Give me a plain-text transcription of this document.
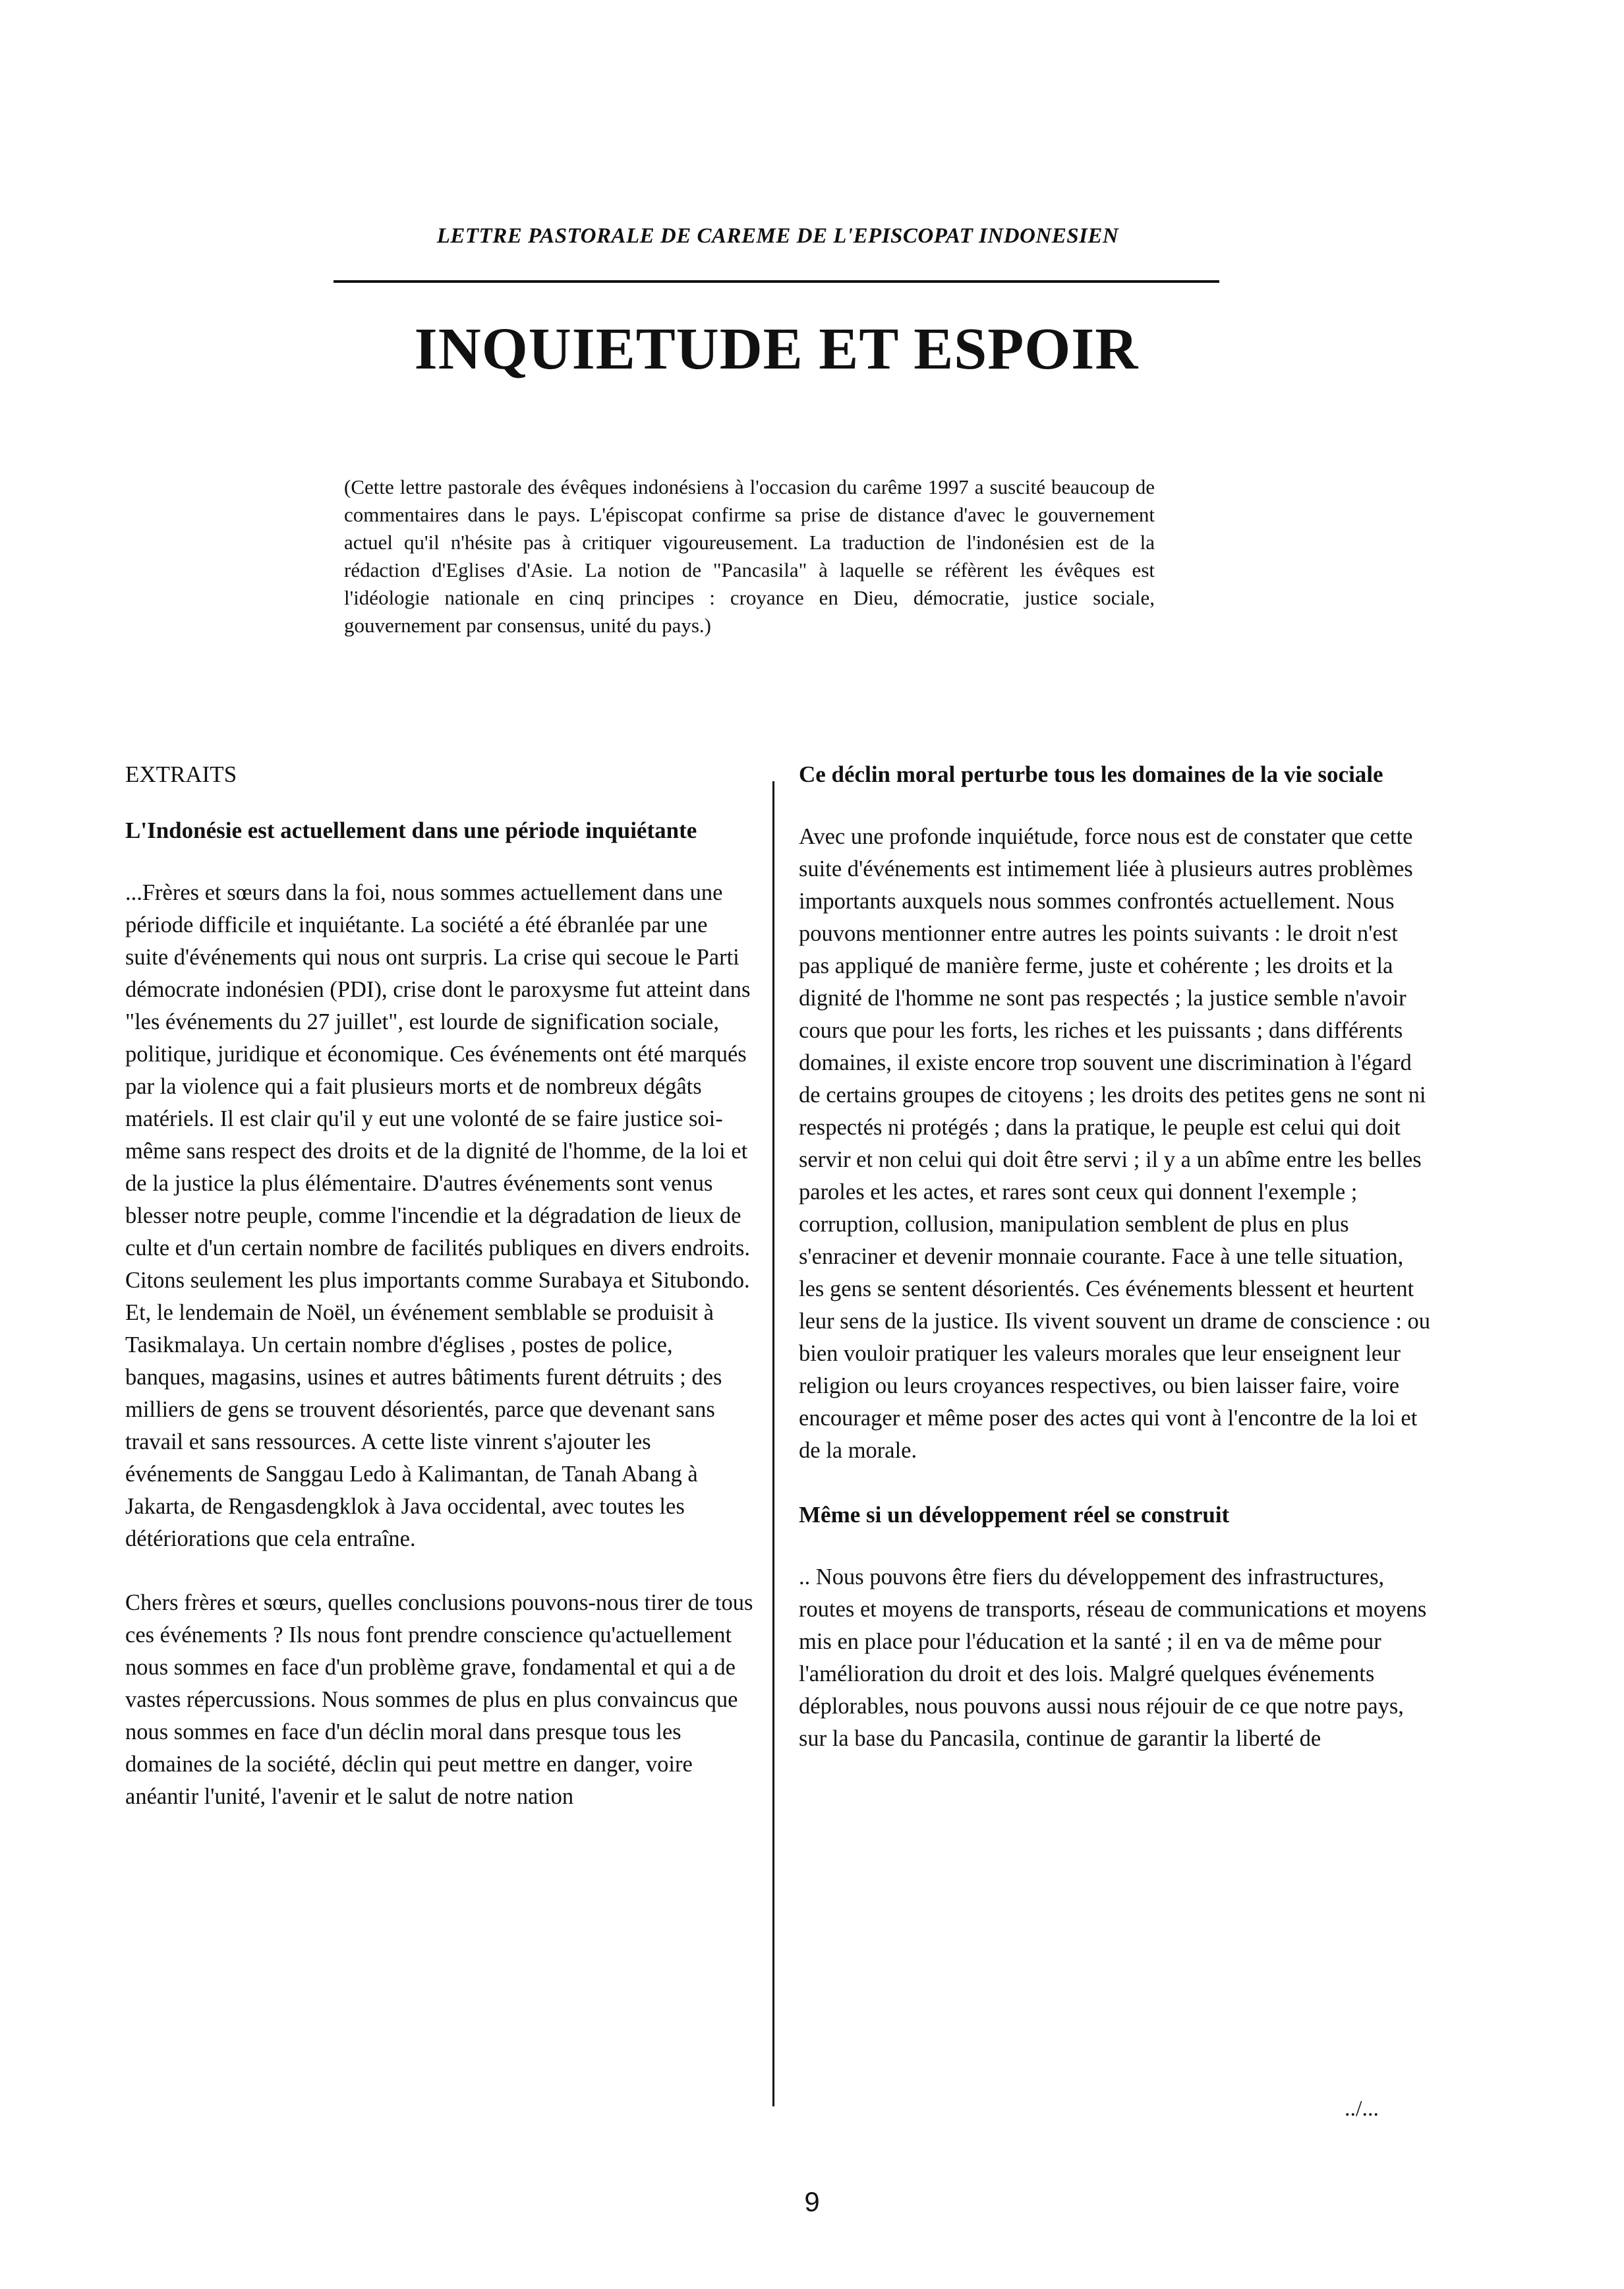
LETTRE PASTORALE DE CAREME DE L'EPISCOPAT INDONESIEN
INQUIETUDE ET ESPOIR
(Cette lettre pastorale des évêques indonésiens à l'occasion du carême 1997 a suscité beaucoup de commentaires dans le pays. L'épiscopat confirme sa prise de distance d'avec le gouvernement actuel qu'il n'hésite pas à critiquer vigoureusement. La traduction de l'indonésien est de la rédaction d'Eglises d'Asie. La notion de "Pancasila" à laquelle se réfèrent les évêques est l'idéologie nationale en cinq principes : croyance en Dieu, démocratie, justice sociale, gouvernement par consensus, unité du pays.)
EXTRAITS
L'Indonésie est actuellement dans une période inquiétante

...Frères et sœurs dans la foi, nous sommes actuellement dans une période difficile et inquiétante. La société a été ébranlée par une suite d'événements qui nous ont surpris. La crise qui secoue le Parti démocrate indonésien (PDI), crise dont le paroxysme fut atteint dans "les événements du 27 juillet", est lourde de signification sociale, politique, juridique et économique. Ces événements ont été marqués par la violence qui a fait plusieurs morts et de nombreux dégâts matériels. Il est clair qu'il y eut une volonté de se faire justice soi-même sans respect des droits et de la dignité de l'homme, de la loi et de la justice la plus élémentaire. D'autres événements sont venus blesser notre peuple, comme l'incendie et la dégradation de lieux de culte et d'un certain nombre de facilités publiques en divers endroits. Citons seulement les plus importants comme Surabaya et Situbondo. Et, le lendemain de Noël, un événement semblable se produisit à Tasikmalaya. Un certain nombre d'églises , postes de police, banques, magasins, usines et autres bâtiments furent détruits ; des milliers de gens se trouvent désorientés, parce que devenant sans travail et sans ressources. A cette liste vinrent s'ajouter les événements de Sanggau Ledo à Kalimantan, de Tanah Abang à Jakarta, de Rengasdengklok à Java occidental, avec toutes les détériorations que cela entraîne.

Chers frères et sœurs, quelles conclusions pouvons-nous tirer de tous ces événements ? Ils nous font prendre conscience qu'actuellement nous sommes en face d'un problème grave, fondamental et qui a de vastes répercussions. Nous sommes de plus en plus convaincus que nous sommes en face d'un déclin moral dans presque tous les domaines de la société, déclin qui peut mettre en danger, voire anéantir l'unité, l'avenir et le salut de notre nation

Ce déclin moral perturbe tous les domaines de la vie sociale

Avec une profonde inquiétude, force nous est de constater que cette suite d'événements est intimement liée à plusieurs autres problèmes importants auxquels nous sommes confrontés actuellement. Nous pouvons mentionner entre autres les points suivants : le droit n'est pas appliqué de manière ferme, juste et cohérente ; les droits et la dignité de l'homme ne sont pas respectés ; la justice semble n'avoir cours que pour les forts, les riches et les puissants ; dans différents domaines, il existe encore trop souvent une discrimination à l'égard de certains groupes de citoyens ; les droits des petites gens ne sont ni respectés ni protégés ; dans la pratique, le peuple est celui qui doit servir et non celui qui doit être servi ; il y a un abîme entre les belles paroles et les actes, et rares sont ceux qui donnent l'exemple ; corruption, collusion, manipulation semblent de plus en plus s'enraciner et devenir monnaie courante. Face à une telle situation, les gens se sentent désorientés. Ces événements blessent et heurtent leur sens de la justice. Ils vivent souvent un drame de conscience : ou bien vouloir pratiquer les valeurs morales que leur enseignent leur religion ou leurs croyances respectives, ou bien laisser faire, voire encourager et même poser des actes qui vont à l'encontre de la loi et de la morale.

Même si un développement réel se construit

.. Nous pouvons être fiers du développement des infrastructures, routes et moyens de transports, réseau de communications et moyens mis en place pour l'éducation et la santé ; il en va de même pour l'amélioration du droit et des lois. Malgré quelques événements déplorables, nous pouvons aussi nous réjouir de ce que notre pays, sur la base du Pancasila, continue de garantir la liberté de

../...
9
